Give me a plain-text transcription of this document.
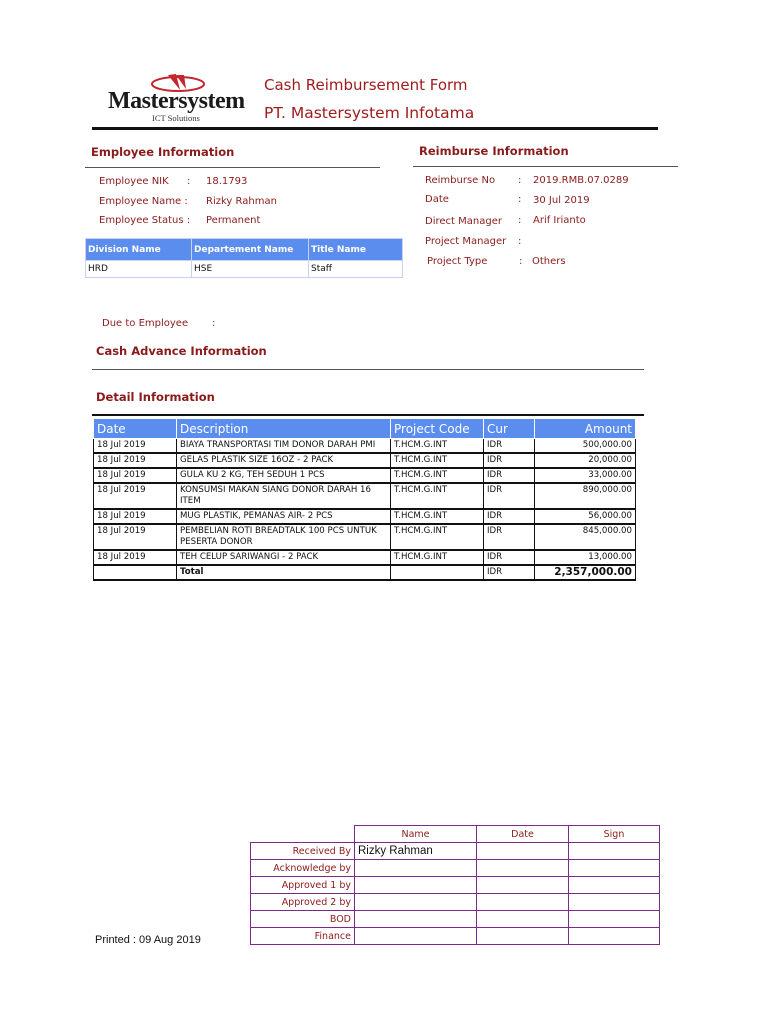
Mastersystem
ICT Solutions
Cash Reimbursement Form
PT. Mastersystem Infotama
Employee Information
Employee NIK : 18.1793
Employee Name : Rizky Rahman
Employee Status : Permanent
Division Name	Departement Name	Title Name
HRD	HSE	Staff
Reimburse Information
Reimburse No : 2019.RMB.07.0289
Date	: 30 Jul 2019
Direct Manager : Arif Irianto
Project Manager :
Project Type	: Others
Due to Employee :
Cash Advance Information
Detail Information
Date	Description	Project Code	Cur	Amount
18 Jul 2019	BIAYA TRANSPORTASI TIM DONOR DARAH PMI	T.HCM.G.INT	IDR	500,000.00
18 Jul 2019	GELAS PLASTIK SIZE 16OZ - 2 PACK	T.HCM.G.INT	IDR	20,000.00
18 Jul 2019	GULA KU 2 KG, TEH SEDUH 1 PCS	T.HCM.G.INT	IDR	33,000.00
18 Jul 2019	KONSUMSI MAKAN SIANG DONOR DARAH 16 ITEM	T.HCM.G.INT	IDR	890,000.00
18 Jul 2019	MUG PLASTIK, PEMANAS AIR- 2 PCS	T.HCM.G.INT	IDR	56,000.00
18 Jul 2019	PEMBELIAN ROTI BREADTALK 100 PCS UNTUK PESERTA DONOR	T.HCM.G.INT	IDR	845,000.00
18 Jul 2019	TEH CELUP SARIWANGI - 2 PACK	T.HCM.G.INT	IDR	13,000.00
	Total		IDR	2,357,000.00
	Name	Date	Sign
Received By	Rizky Rahman		
Acknowledge by			
Approved 1 by			
Approved 2 by			
BOD			
Finance			
Printed : 09 Aug 2019
